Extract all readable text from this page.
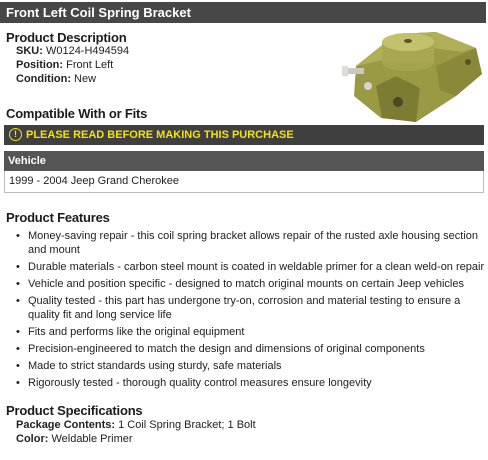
Front Left Coil Spring Bracket
Product Description
SKU: W0124-H494594
Position: Front Left
Condition: New
Compatible With or Fits
! PLEASE READ BEFORE MAKING THIS PURCHASE
Vehicle
1999 - 2004 Jeep Grand Cherokee
Product Features
• Money-saving repair - this coil spring bracket allows repair of the rusted axle housing section and mount
• Durable materials - carbon steel mount is coated in weldable primer for a clean weld-on repair
• Vehicle and position specific - designed to match original mounts on certain Jeep vehicles
• Quality tested - this part has undergone try-on, corrosion and material testing to ensure a quality fit and long service life
• Fits and performs like the original equipment
• Precision-engineered to match the design and dimensions of original components
• Made to strict standards using sturdy, safe materials
• Rigorously tested - thorough quality control measures ensure longevity
Product Specifications
Package Contents: 1 Coil Spring Bracket; 1 Bolt
Color: Weldable Primer
